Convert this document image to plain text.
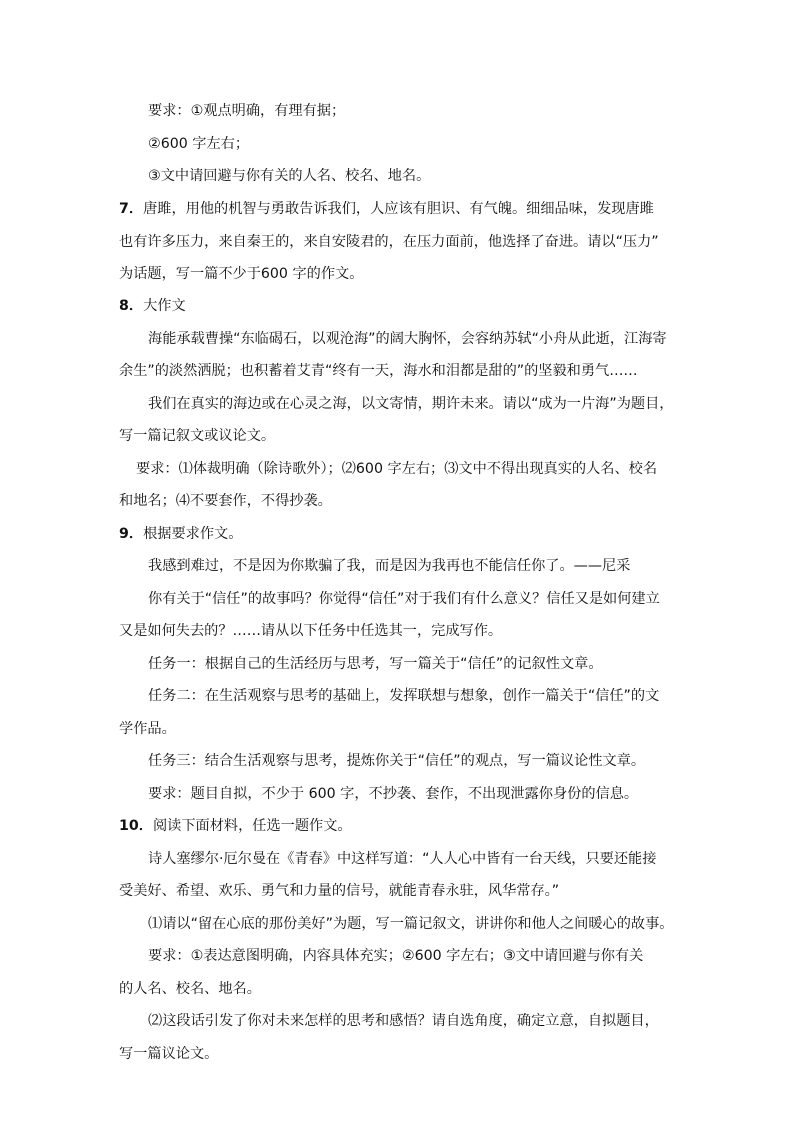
要求：①观点明确，有理有据；
②600 字左右；
③文中请回避与你有关的人名、校名、地名。
7．唐雎，用他的机智与勇敢告诉我们，人应该有胆识、有气魄。细细品味，发现唐雎
也有许多压力，来自秦王的，来自安陵君的，在压力面前，他选择了奋进。请以“压力”
为话题，写一篇不少于600 字的作文。
8．大作文
海能承载曹操“东临碣石，以观沧海”的阔大胸怀，会容纳苏轼“小舟从此逝，江海寄
余生”的淡然洒脱；也积蓄着艾青“终有一天，海水和泪都是甜的”的坚毅和勇气……
我们在真实的海边或在心灵之海，以文寄情，期许未来。请以“成为一片海”为题目，
写一篇记叙文或议论文。
要求：⑴体裁明确（除诗歌外）；⑵600 字左右；⑶文中不得出现真实的人名、校名
和地名；⑷不要套作，不得抄袭。
9．根据要求作文。
我感到难过，不是因为你欺骗了我，而是因为我再也不能信任你了。——尼采
你有关于“信任”的故事吗？你觉得“信任”对于我们有什么意义？信任又是如何建立
又是如何失去的？……请从以下任务中任选其一，完成写作。
任务一：根据自己的生活经历与思考，写一篇关于“信任”的记叙性文章。
任务二：在生活观察与思考的基础上，发挥联想与想象，创作一篇关于“信任”的文
学作品。
任务三：结合生活观察与思考，提炼你关于“信任”的观点，写一篇议论性文章。
要求：题目自拟，不少于 600 字，不抄袭、套作，不出现泄露你身份的信息。
10．阅读下面材料，任选一题作文。
诗人塞缪尔·厄尔曼在《青春》中这样写道：“人人心中皆有一台天线，只要还能接
受美好、希望、欢乐、勇气和力量的信号，就能青春永驻，风华常存。”
⑴请以“留在心底的那份美好”为题，写一篇记叙文，讲讲你和他人之间暖心的故事。
要求：①表达意图明确，内容具体充实；②600 字左右；③文中请回避与你有关
的人名、校名、地名。
⑵这段话引发了你对未来怎样的思考和感悟？请自选角度，确定立意，自拟题目，
写一篇议论文。
